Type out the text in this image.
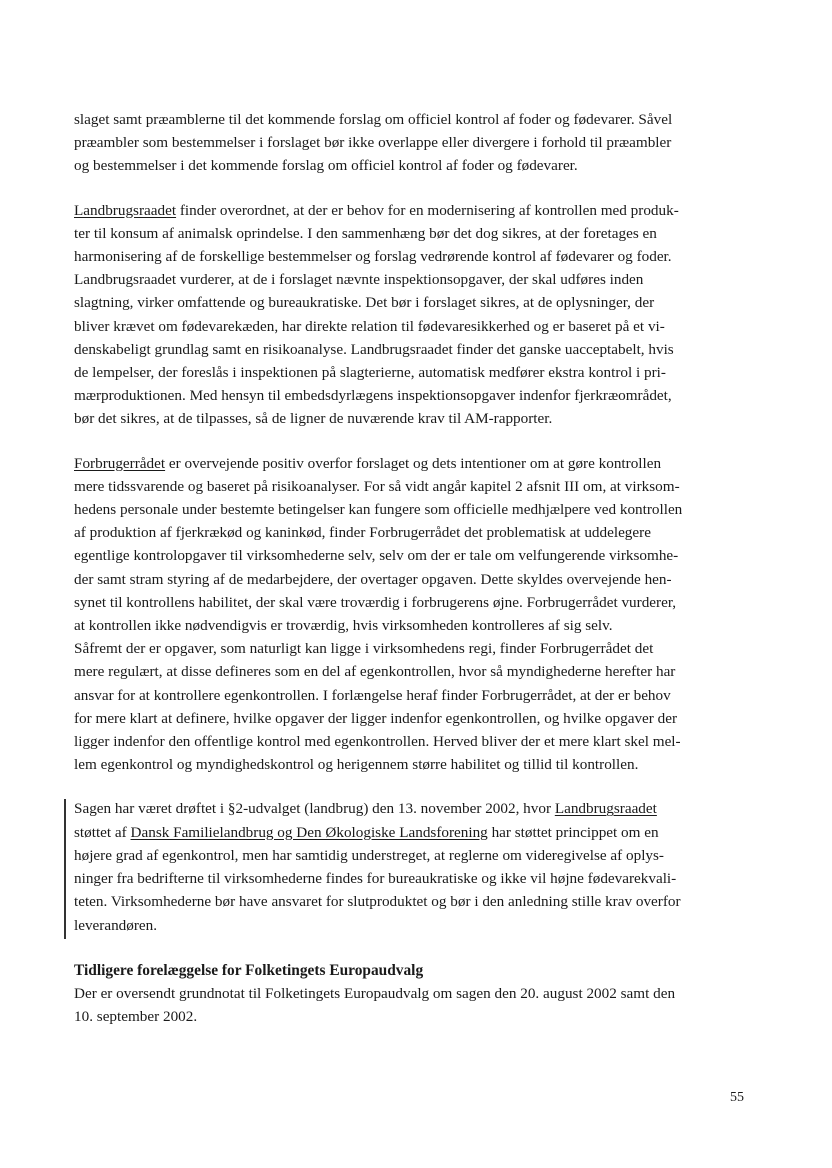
slaget samt præamblerne til det kommende forslag om officiel kontrol af foder og fødevarer. Såvel
præambler som bestemmelser i forslaget bør ikke overlappe eller divergere i forhold til præambler
og bestemmelser i det kommende forslag om officiel kontrol af foder og fødevarer.

Landbrugsraadet finder overordnet, at der er behov for en modernisering af kontrollen med produk-
ter til konsum af animalsk oprindelse. I den sammenhæng bør det dog sikres, at der foretages en
harmonisering af de forskellige bestemmelser og forslag vedrørende kontrol af fødevarer og foder.
Landbrugsraadet vurderer, at de i forslaget nævnte inspektionsopgaver, der skal udføres inden
slagtning, virker omfattende og bureaukratiske. Det bør i forslaget sikres, at de oplysninger, der
bliver krævet om fødevarekæden, har direkte relation til fødevaresikkerhed og er baseret på et vi-
denskabeligt grundlag samt en risikoanalyse. Landbrugsraadet finder det ganske uacceptabelt, hvis
de lempelser, der foreslås i inspektionen på slagterierne, automatisk medfører ekstra kontrol i pri-
mærproduktionen. Med hensyn til embedsdyrlægens inspektionsopgaver indenfor fjerkræområdet,
bør det sikres, at de tilpasses, så de ligner de nuværende krav til AM-rapporter.

Forbrugerrådet er overvejende positiv overfor forslaget og dets intentioner om at gøre kontrollen
mere tidssvarende og baseret på risikoanalyser. For så vidt angår kapitel 2 afsnit III om, at virksom-
hedens personale under bestemte betingelser kan fungere som officielle medhjælpere ved kontrollen
af produktion af fjerkrækød og kaninkød, finder Forbrugerrådet det problematisk at uddelegere
egentlige kontrolopgaver til virksomhederne selv, selv om der er tale om velfungerende virksomhe-
der samt stram styring af de medarbejdere, der overtager opgaven. Dette skyldes overvejende hen-
synet til kontrollens habilitet, der skal være troværdig i forbrugerens øjne. Forbrugerrådet vurderer,
at kontrollen ikke nødvendigvis er troværdig, hvis virksomheden kontrolleres af sig selv.
Såfremt der er opgaver, som naturligt kan ligge i virksomhedens regi, finder Forbrugerrådet det
mere regulært, at disse defineres som en del af egenkontrollen, hvor så myndighederne herefter har
ansvar for at kontrollere egenkontrollen. I forlængelse heraf finder Forbrugerrådet, at der er behov
for mere klart at definere, hvilke opgaver der ligger indenfor egenkontrollen, og hvilke opgaver der
ligger indenfor den offentlige kontrol med egenkontrollen. Herved bliver der et mere klart skel mel-
lem egenkontrol og myndighedskontrol og herigennem større habilitet og tillid til kontrollen.

Sagen har været drøftet i §2-udvalget (landbrug) den 13. november 2002, hvor Landbrugsraadet
støttet af Dansk Familielandbrug og Den Økologiske Landsforening har støttet princippet om en
højere grad af egenkontrol, men har samtidig understreget, at reglerne om videregivelse af oplys-
ninger fra bedrifterne til virksomhederne findes for bureaukratiske og ikke vil højne fødevarekvali-
teten. Virksomhederne bør have ansvaret for slutproduktet og bør i den anledning stille krav overfor
leverandøren.

Tidligere forelæggelse for Folketingets Europaudvalg

Der er oversendt grundnotat til Folketingets Europaudvalg om sagen den 20. august 2002 samt den
10. september 2002.

55
